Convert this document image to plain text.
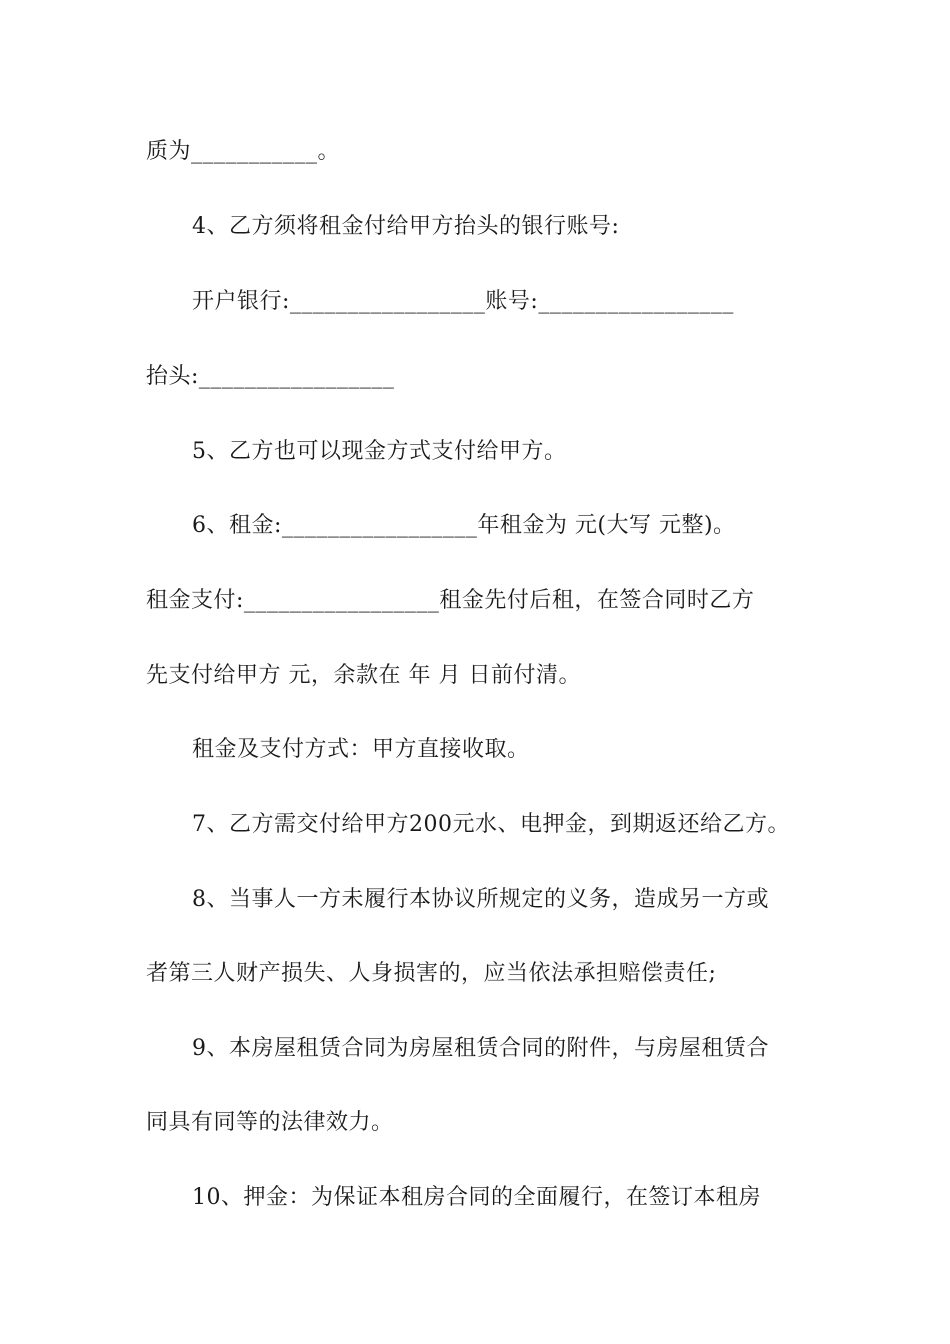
质为___________。
4、乙方须将租金付给甲方抬头的银行账号:
开户银行:_________________账号:_________________
抬头:_________________
5、乙方也可以现金方式支付给甲方。
6、租金:_________________年租金为 元(大写 元整)。
租金支付:_________________租金先付后租，在签合同时乙方
先支付给甲方 元，余款在 年 月 日前付清。
租金及支付方式：甲方直接收取。
7、乙方需交付给甲方200元水、电押金，到期返还给乙方。
8、当事人一方未履行本协议所规定的义务，造成另一方或
者第三人财产损失、人身损害的，应当依法承担赔偿责任;
9、本房屋租赁合同为房屋租赁合同的附件，与房屋租赁合
同具有同等的法律效力。
10、押金：为保证本租房合同的全面履行，在签订本租房
